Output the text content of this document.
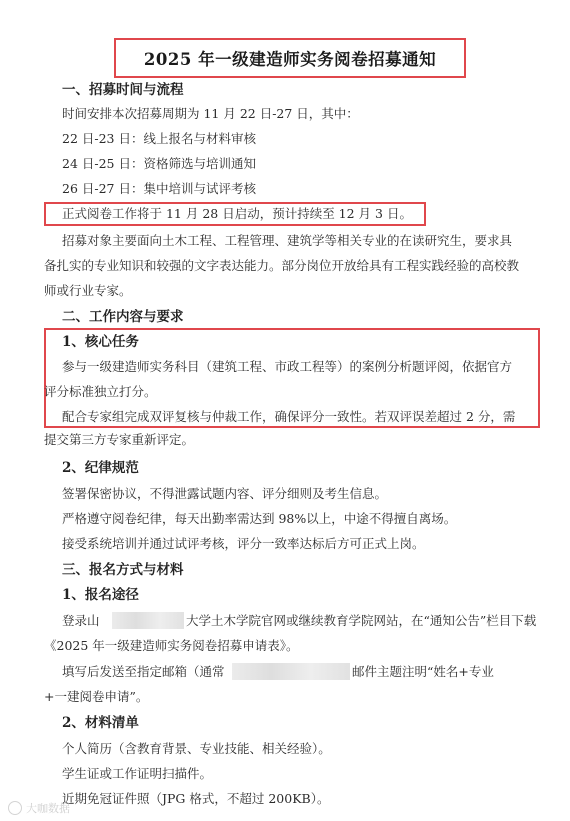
2025 年一级建造师实务阅卷招募通知
一、招募时间与流程
时间安排本次招募周期为 11 月 22 日-27 日，其中：
22 日-23 日：线上报名与材料审核
24 日-25 日：资格筛选与培训通知
26 日-27 日：集中培训与试评考核
正式阅卷工作将于 11 月 28 日启动，预计持续至 12 月 3 日。
招募对象主要面向土木工程、工程管理、建筑学等相关专业的在读研究生，要求具
备扎实的专业知识和较强的文字表达能力。部分岗位开放给具有工程实践经验的高校教
师或行业专家。
二、工作内容与要求
1、核心任务
参与一级建造师实务科目（建筑工程、市政工程等）的案例分析题评阅，依据官方
评分标准独立打分。
配合专家组完成双评复核与仲裁工作，确保评分一致性。若双评误差超过 2 分，需
提交第三方专家重新评定。
2、纪律规范
签署保密协议，不得泄露试题内容、评分细则及考生信息。
严格遵守阅卷纪律，每天出勤率需达到 98%以上，中途不得擅自离场。
接受系统培训并通过试评考核，评分一致率达标后方可正式上岗。
三、报名方式与材料
1、报名途径
登录山	大学土木学院官网或继续教育学院网站，在“通知公告”栏目下载
《2025 年一级建造师实务阅卷招募申请表》。
填写后发送至指定邮箱（通常	邮件主题注明“姓名+专业
+一建阅卷申请”。
2、材料清单
个人简历（含教育背景、专业技能、相关经验）。
学生证或工作证明扫描件。
近期免冠证件照（JPG 格式，不超过 200KB）。
大咖数据
